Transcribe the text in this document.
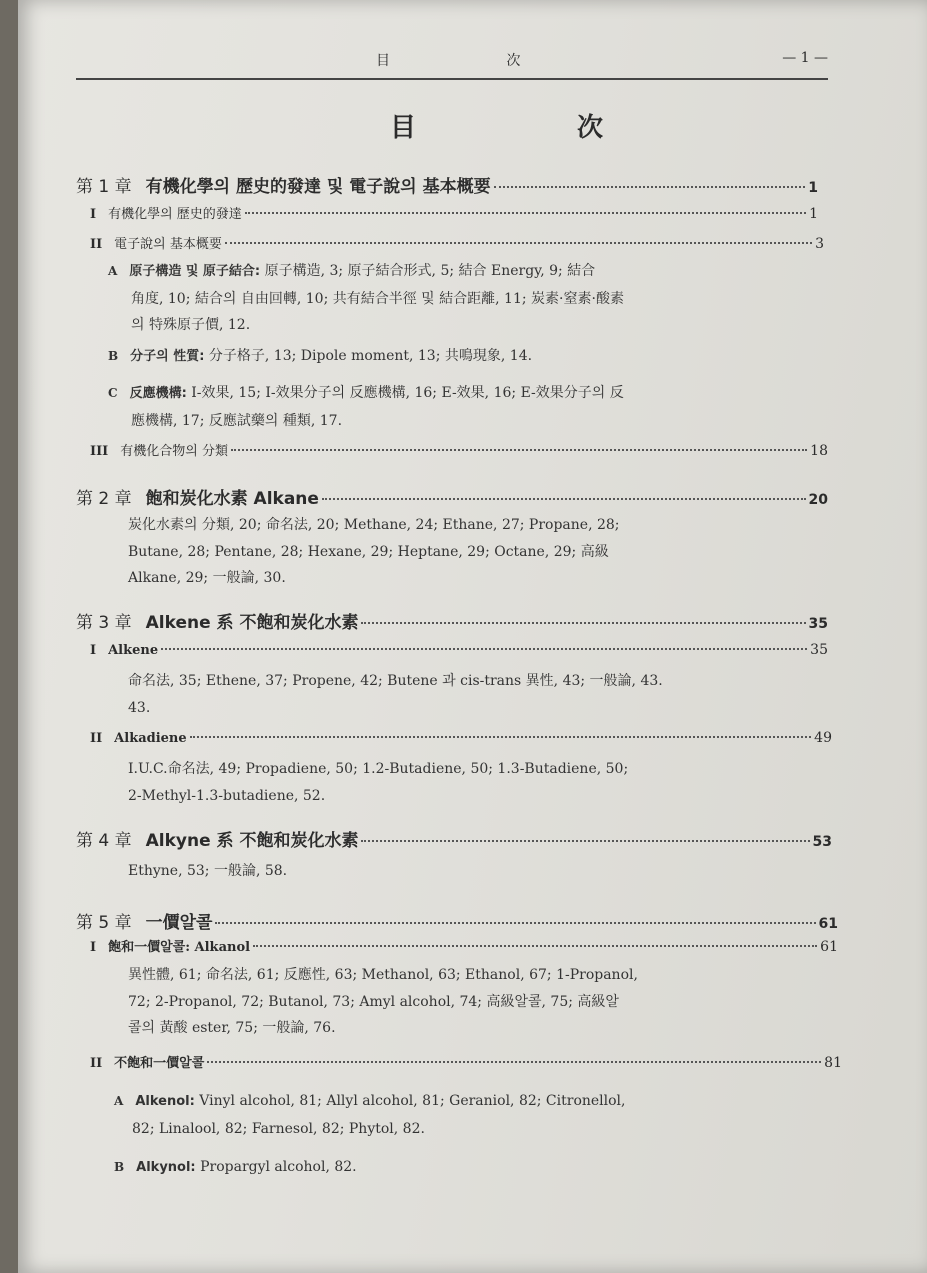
目 次	— 1 —
目 次
第 1 章 有機化學의 歷史的發達 및 電子說의 基本概要	1
I 有機化學의 歷史的發達	1
II 電子說의 基本概要	3
A 原子構造 및 原子結合: 原子構造, 3; 原子結合形式, 5; 結合 Energy, 9; 結合
角度, 10; 結合의 自由回轉, 10; 共有結合半徑 및 結合距離, 11; 炭素·窒素·酸素
의 特殊原子價, 12.
B 分子의 性質: 分子格子, 13; Dipole moment, 13; 共鳴現象, 14.
C 反應機構: I-效果, 15; I-效果分子의 反應機構, 16; E-效果, 16; E-效果分子의 反
應機構, 17; 反應試藥의 種類, 17.
III 有機化合物의 分類	18
第 2 章 飽和炭化水素 Alkane	20
炭化水素의 分類, 20; 命名法, 20; Methane, 24; Ethane, 27; Propane, 28;
Butane, 28; Pentane, 28; Hexane, 29; Heptane, 29; Octane, 29; 高級
Alkane, 29; 一般論, 30.
第 3 章 Alkene 系 不飽和炭化水素	35
I Alkene	35
命名法, 35; Ethene, 37; Propene, 42; Butene 과 cis-trans 異性, 43; 一般論, 43.
43.
II Alkadiene	49
I.U.C.命名法, 49; Propadiene, 50; 1.2-Butadiene, 50; 1.3-Butadiene, 50;
2-Methyl-1.3-butadiene, 52.
第 4 章 Alkyne 系 不飽和炭化水素	53
Ethyne, 53; 一般論, 58.
第 5 章 一價알콜	61
I 飽和一價알콜: Alkanol	61
異性體, 61; 命名法, 61; 反應性, 63; Methanol, 63; Ethanol, 67; 1-Propanol,
72; 2-Propanol, 72; Butanol, 73; Amyl alcohol, 74; 高級알콜, 75; 高級알
콜의 黃酸 ester, 75; 一般論, 76.
II 不飽和一價알콜	81
A Alkenol: Vinyl alcohol, 81; Allyl alcohol, 81; Geraniol, 82; Citronellol,
82; Linalool, 82; Farnesol, 82; Phytol, 82.
B Alkynol: Propargyl alcohol, 82.
